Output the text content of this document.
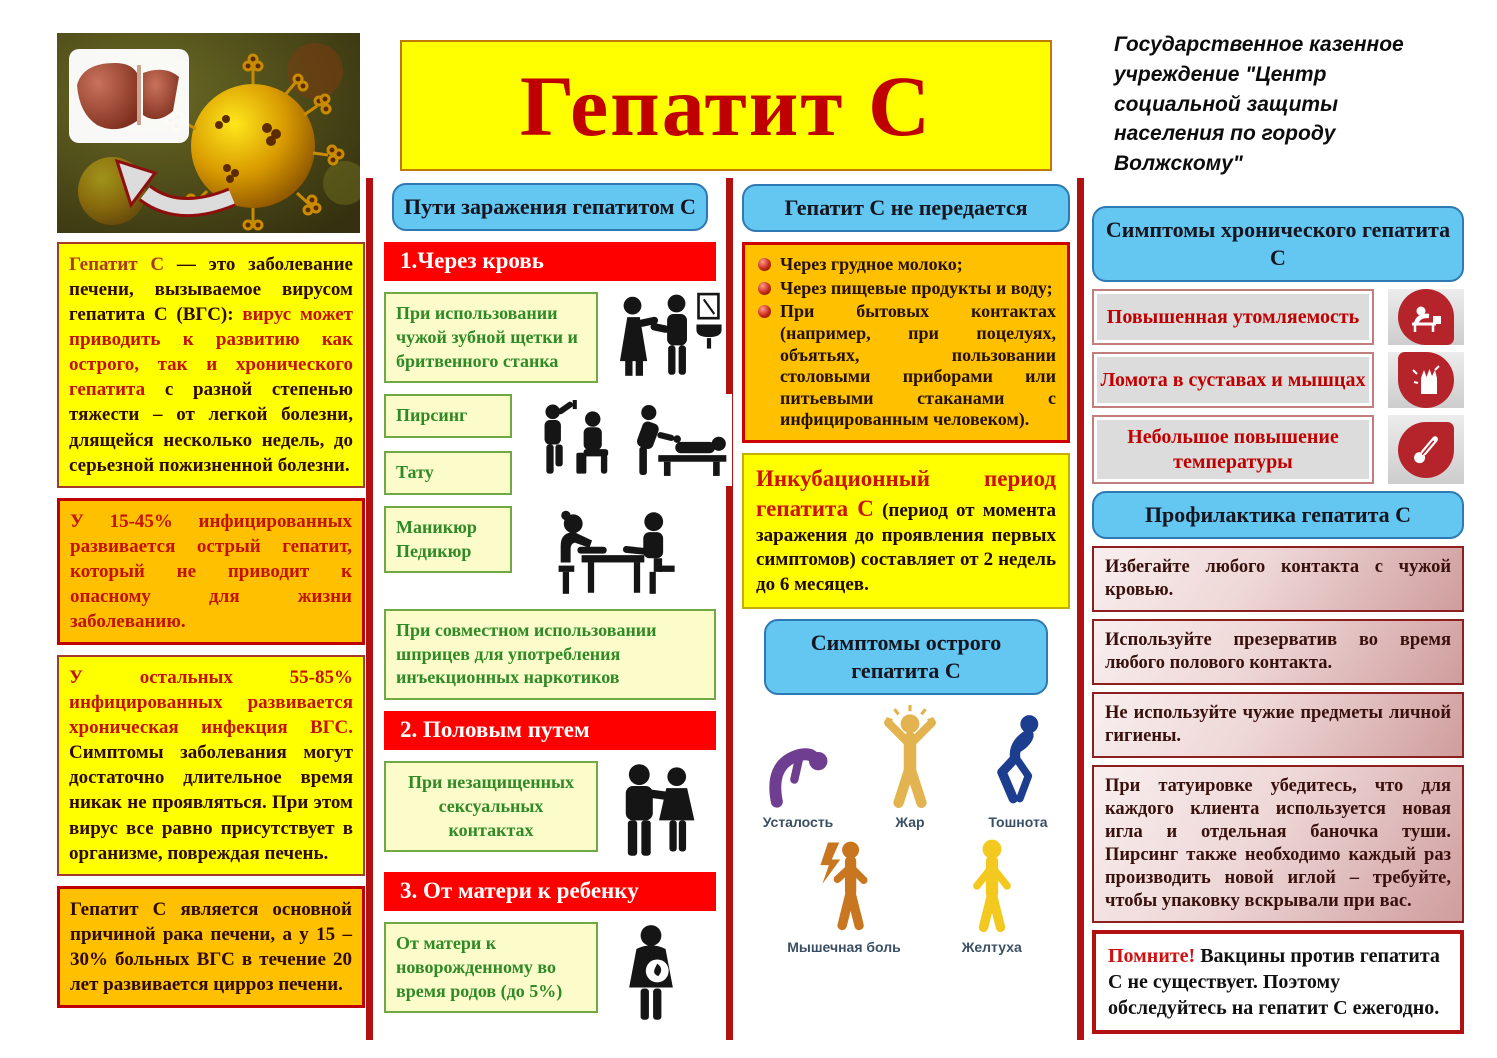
Гепатит С
Государственное казенное учреждение "Центр социальной защиты населения по городу Волжскому"
Гепатит С — это заболевание печени, вызываемое вирусом гепатита С (ВГС): вирус может приводить к развитию как острого, так и хронического гепатита с разной степенью тяжести – от легкой болезни, длящейся несколько недель, до серьезной пожизненной болезни.
У 15-45% инфицированных развивается острый гепатит, который не приводит к опасному для жизни заболеванию.
У остальных 55-85% инфицированных развивается хроническая инфекция ВГС. Симптомы заболевания могут достаточно длительное время никак не проявляться. При этом вирус все равно присутствует в организме, повреждая печень.
Гепатит С является основной причиной рака печени, а у 15 – 30% больных ВГС в течение 20 лет развивается цирроз печени.
Пути заражения гепатитом С
1.Через кровь
При использовании чужой зубной щетки и бритвенного станка
Пирсинг
Тату
Маникюр Педикюр
При совместном использовании шприцев для употребления инъекционных наркотиков
2. Половым путем
При незащищенных сексуальных контактах
3. От матери к ребенку
От матери к новорожденному во время родов (до 5%)
Гепатит С не передается
Через грудное молоко;
Через пищевые продукты и воду;
При бытовых контактах (например, при поцелуях, объятьях, пользовании столовыми приборами или питьевыми стаканами с инфицированным человеком).
Инкубационный период гепатита С (период от момента заражения до проявления первых симптомов) составляет от 2 недель до 6 месяцев.
Симптомы острого гепатита С
Усталость	Жар	Тошнота
Мышечная боль	Желтуха
Симптомы хронического гепатита С
Повышенная утомляемость
Ломота в суставах и мышцах
Небольшое повышение температуры
Профилактика гепатита С
Избегайте любого контакта с чужой кровью.
Используйте презерватив во время любого полового контакта.
Не используйте чужие предметы личной гигиены.
При татуировке убедитесь, что для каждого клиента используется новая игла и отдельная баночка туши. Пирсинг также необходимо каждый раз производить новой иглой – требуйте, чтобы упаковку вскрывали при вас.
Помните! Вакцины против гепатита С не существует. Поэтому обследуйтесь на гепатит С ежегодно.
